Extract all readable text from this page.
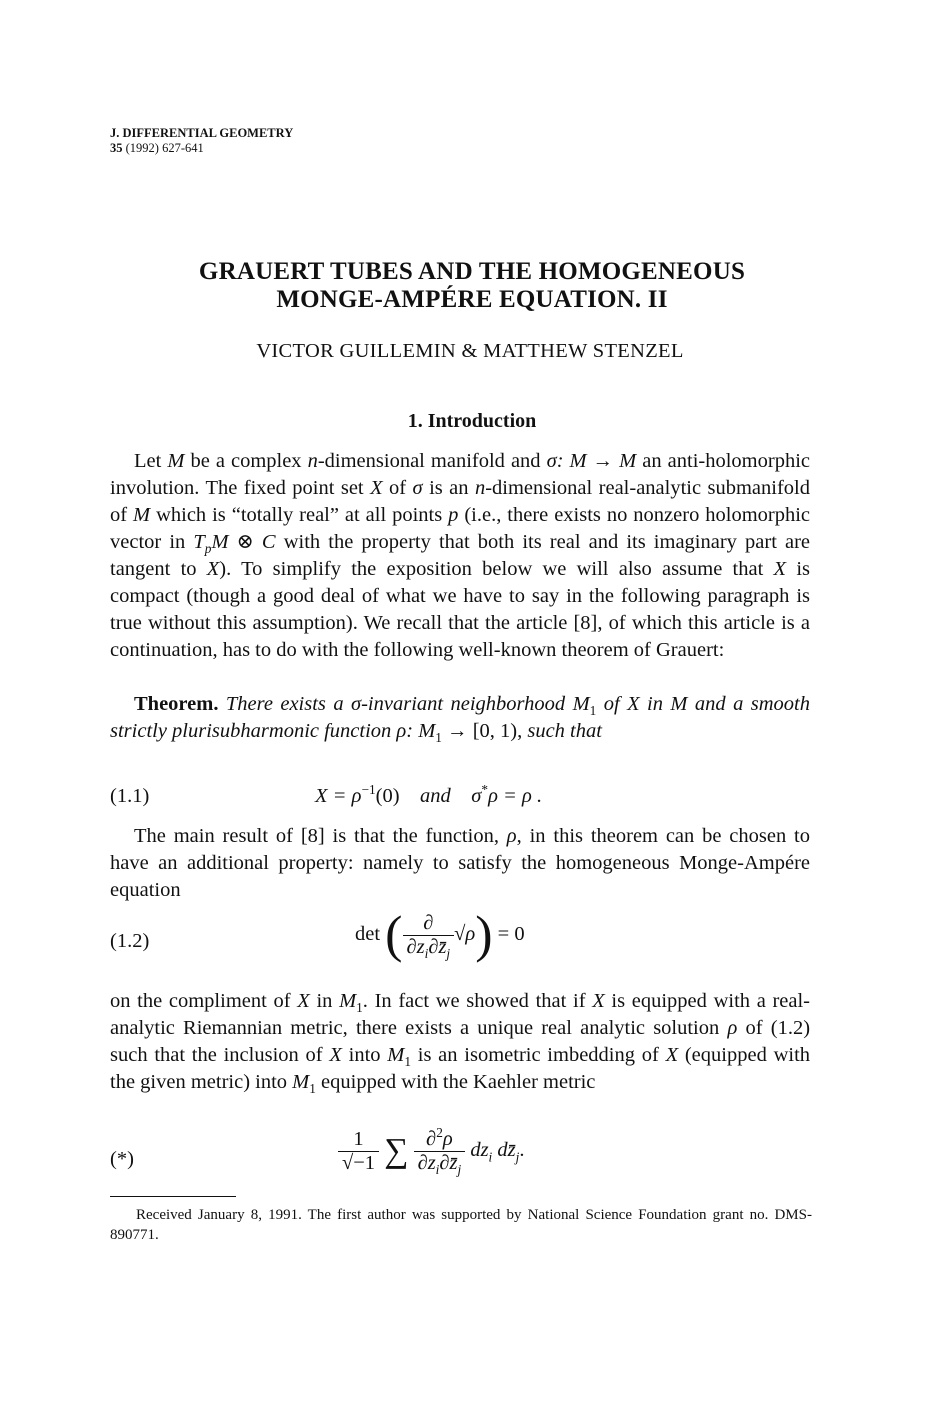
J. DIFFERENTIAL GEOMETRY
35 (1992) 627-641
GRAUERT TUBES AND THE HOMOGENEOUS
MONGE-AMPÉRE EQUATION. II
VICTOR GUILLEMIN & MATTHEW STENZEL
1. Introduction
Let M be a complex n-dimensional manifold and σ: M → M an anti-holomorphic involution. The fixed point set X of σ is an n-dimensional real-analytic submanifold of M which is “totally real” at all points p (i.e., there exists no nonzero holomorphic vector in $T_pM$ ⊗ C with the property that both its real and its imaginary part are tangent to X). To simplify the exposition below we will also assume that X is compact (though a good deal of what we have to say in the following paragraph is true without this assumption). We recall that the article [8], of which this article is a continuation, has to do with the following well-known theorem of Grauert:
Theorem. There exists a σ-invariant neighborhood $M_1$ of X in M and a smooth strictly plurisubharmonic function ρ: $M_1 \to [0$, 1), such that
(1.1)	$X = \rho^{-1}(0)$ and σ*ρ = ρ .
The main result of [8] is that the function, ρ, in this theorem can be chosen to have an additional property: namely to satisfy the homogeneous Monge-Ampére equation
(1.2)	det ( $\frac{\partial}{\partial z_i\partial z̄_j} √\rho) = 0$
on the compliment of X in $M_1$. In fact we showed that if X is equipped with a real-analytic Riemannian metric, there exists a unique real analytic solution ρ of (1.2) such that the inclusion of X into $M_1$ is an isometric imbedding of X (equipped with the given metric) into $M_1$ equipped with the Kaehler metric
(*)	$\frac{1}{√-1}$ ∑ $\frac{\partial^2\rho}{\partial z_i\partial z̄_j} dz_i$ $dz̄_j$.
Received January 8, 1991. The first author was supported by National Science Foundation grant no. DMS-890771.
